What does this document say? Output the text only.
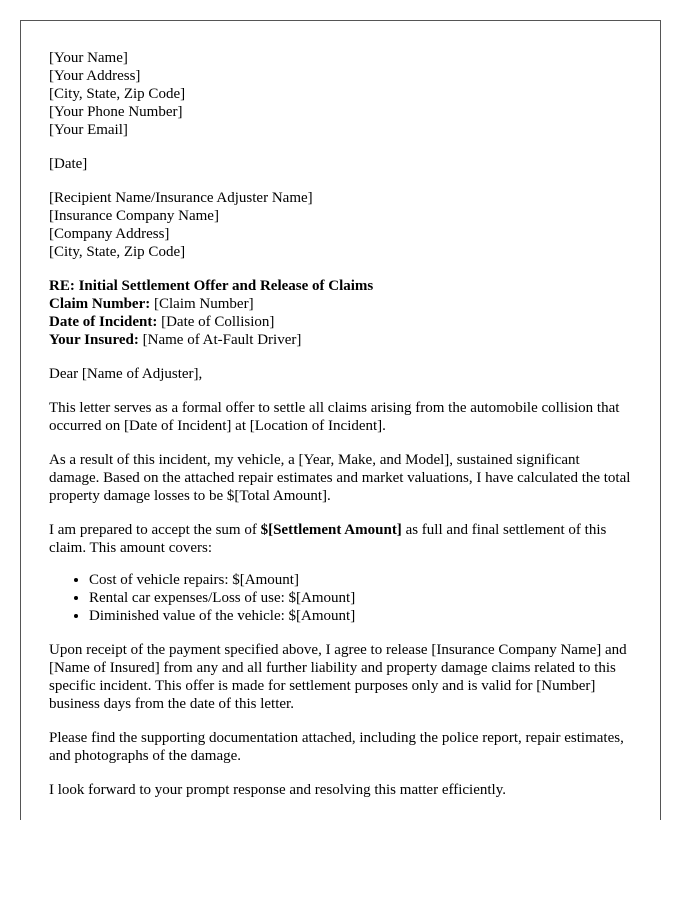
[Your Name]
[Your Address]
[City, State, Zip Code]
[Your Phone Number]
[Your Email]
[Date]
[Recipient Name/Insurance Adjuster Name]
[Insurance Company Name]
[Company Address]
[City, State, Zip Code]
RE: Initial Settlement Offer and Release of Claims
Claim Number: [Claim Number]
Date of Incident: [Date of Collision]
Your Insured: [Name of At-Fault Driver]

Dear [Name of Adjuster],

This letter serves as a formal offer to settle all claims arising from the automobile collision that occurred on [Date of Incident] at [Location of Incident].

As a result of this incident, my vehicle, a [Year, Make, and Model], sustained significant damage. Based on the attached repair estimates and market valuations, I have calculated the total property damage losses to be $[Total Amount].

I am prepared to accept the sum of $[Settlement Amount] as full and final settlement of this claim. This amount covers:

• Cost of vehicle repairs: $[Amount]
• Rental car expenses/Loss of use: $[Amount]
• Diminished value of the vehicle: $[Amount]

Upon receipt of the payment specified above, I agree to release [Insurance Company Name] and [Name of Insured] from any and all further liability and property damage claims related to this specific incident. This offer is made for settlement purposes only and is valid for [Number] business days from the date of this letter.

Please find the supporting documentation attached, including the police report, repair estimates, and photographs of the damage.

I look forward to your prompt response and resolving this matter efficiently.
